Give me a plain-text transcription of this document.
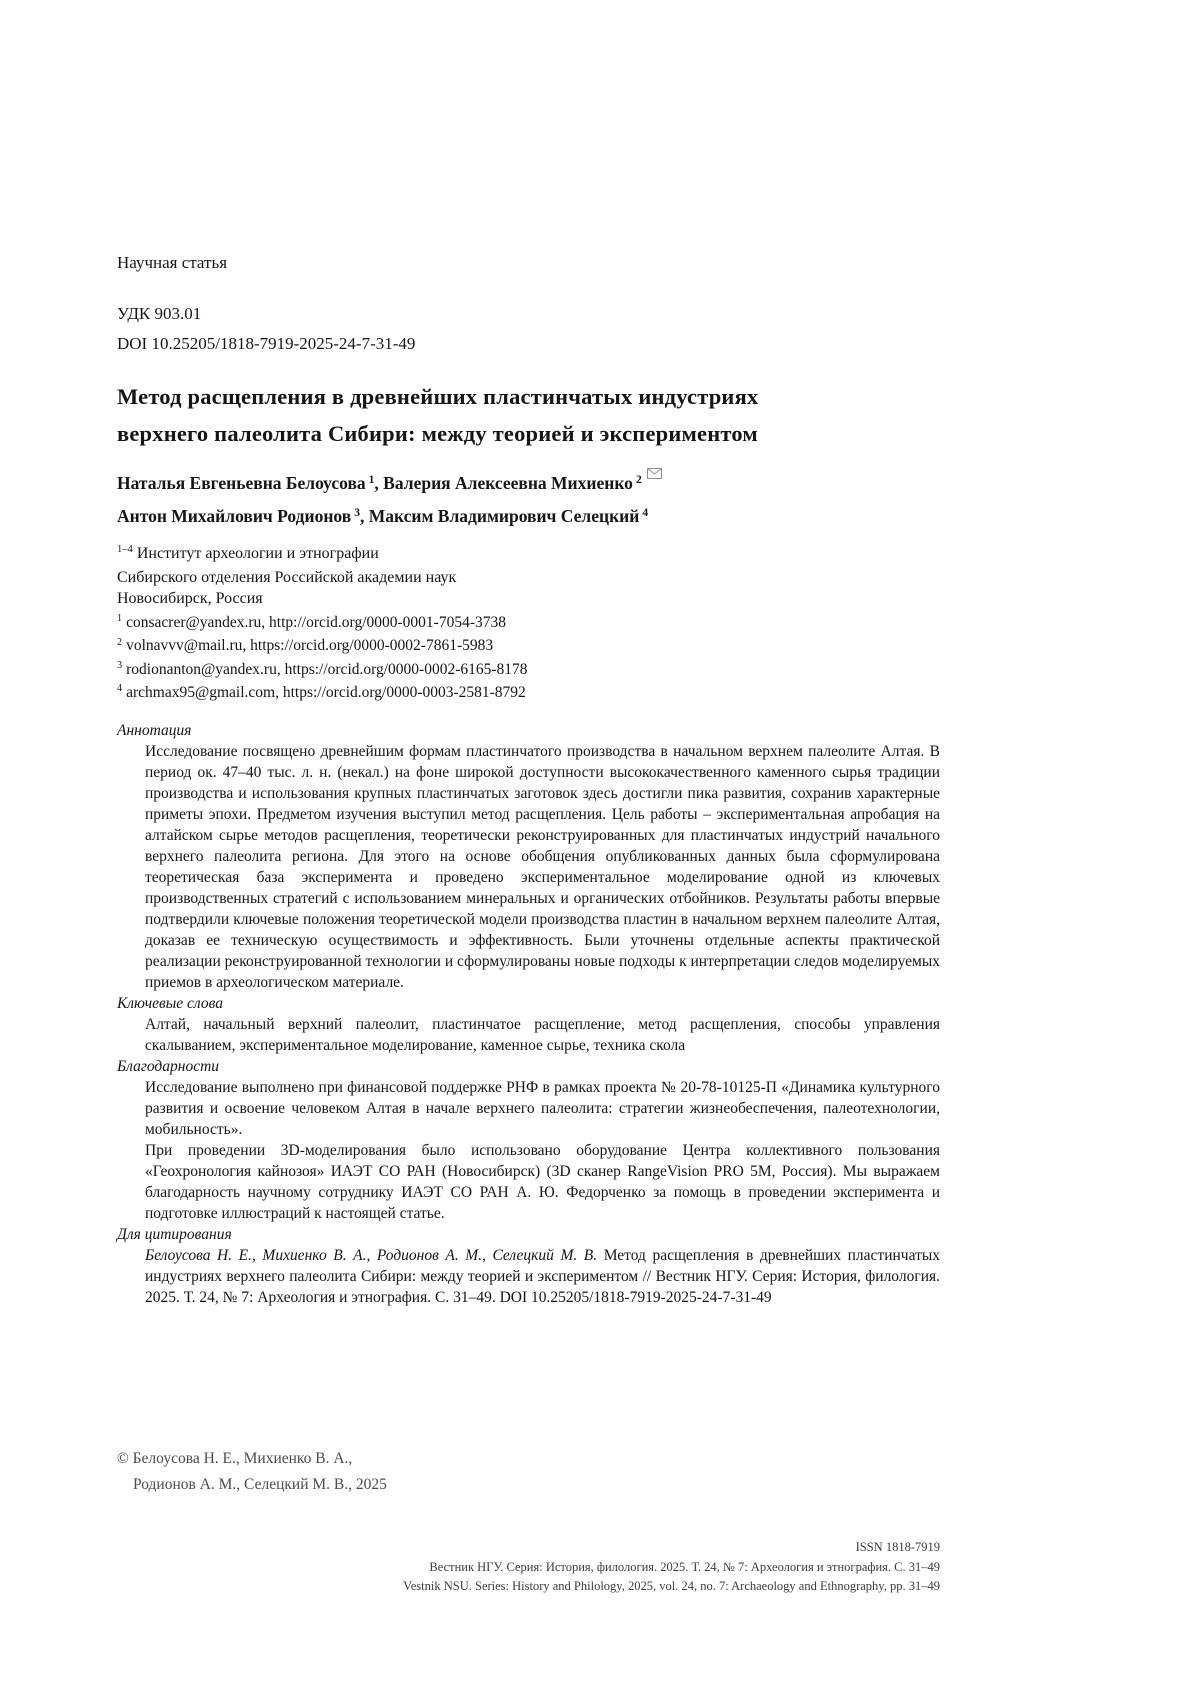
Научная статья
УДК 903.01
DOI 10.25205/1818-7919-2025-24-7-31-49
Метод расщепления в древнейших пластинчатых индустриях
верхнего палеолита Сибири: между теорией и экспериментом
Наталья Евгеньевна Белоусова 1, Валерия Алексеевна Михиенко 2
Антон Михайлович Родионов 3, Максим Владимирович Селецкий 4
1–4 Институт археологии и этнографии
Сибирского отделения Российской академии наук
Новосибирск, Россия
1 consacrer@yandex.ru, http://orcid.org/0000-0001-7054-3738
2 volnavvv@mail.ru, https://orcid.org/0000-0002-7861-5983
3 rodionanton@yandex.ru, https://orcid.org/0000-0002-6165-8178
4 archmax95@gmail.com, https://orcid.org/0000-0003-2581-8792
Аннотация
Исследование посвящено древнейшим формам пластинчатого производства в начальном верхнем палеолите Алтая. В период ок. 47–40 тыс. л. н. (некал.) на фоне широкой доступности высококачественного каменного сырья традиции производства и использования крупных пластинчатых заготовок здесь достигли пика развития, сохранив характерные приметы эпохи. Предметом изучения выступил метод расщепления. Цель работы – экспериментальная апробация на алтайском сырье методов расщепления, теоретически реконструированных для пластинчатых индустрий начального верхнего палеолита региона. Для этого на основе обобщения опубликованных данных была сформулирована теоретическая база эксперимента и проведено экспериментальное моделирование одной из ключевых производственных стратегий с использованием минеральных и органических отбойников. Результаты работы впервые подтвердили ключевые положения теоретической модели производства пластин в начальном верхнем палеолите Алтая, доказав ее техническую осуществимость и эффективность. Были уточнены отдельные аспекты практической реализации реконструированной технологии и сформулированы новые подходы к интерпретации следов моделируемых приемов в археологическом материале.
Ключевые слова
Алтай, начальный верхний палеолит, пластинчатое расщепление, метод расщепления, способы управления скалыванием, экспериментальное моделирование, каменное сырье, техника скола
Благодарности

Исследование выполнено при финансовой поддержке РНФ в рамках проекта № 20-78-10125-П «Динамика культурного развития и освоение человеком Алтая в начале верхнего палеолита: стратегии жизнеобеспечения, палеотехнологии, мобильность».

При проведении 3D-моделирования было использовано оборудование Центра коллективного пользования «Геохронология кайнозоя» ИАЭТ СО РАН (Новосибирск) (3D сканер RangeVision PRO 5M, Россия). Мы выражаем благодарность научному сотруднику ИАЭТ СО РАН А. Ю. Федорченко за помощь в проведении эксперимента и подготовке иллюстраций к настоящей статье.

Для цитирования
Белоусова Н. Е., Михиенко В. А., Родионов А. М., Селецкий М. В. Метод расщепления в древнейших пластинчатых индустриях верхнего палеолита Сибири: между теорией и экспериментом // Вестник НГУ. Серия: История, филология. 2025. Т. 24, № 7: Археология и этнография. С. 31–49. DOI 10.25205/1818-7919-2025-24-7-31-49
© Белоусова Н. Е., Михиенко В. А.,
Родионов А. М., Селецкий М. В., 2025
ISSN 1818-7919
Вестник НГУ. Серия: История, филология. 2025. Т. 24, № 7: Археология и этнография. С. 31–49
Vestnik NSU. Series: History and Philology, 2025, vol. 24, no. 7: Archaeology and Ethnography, pp. 31–49
